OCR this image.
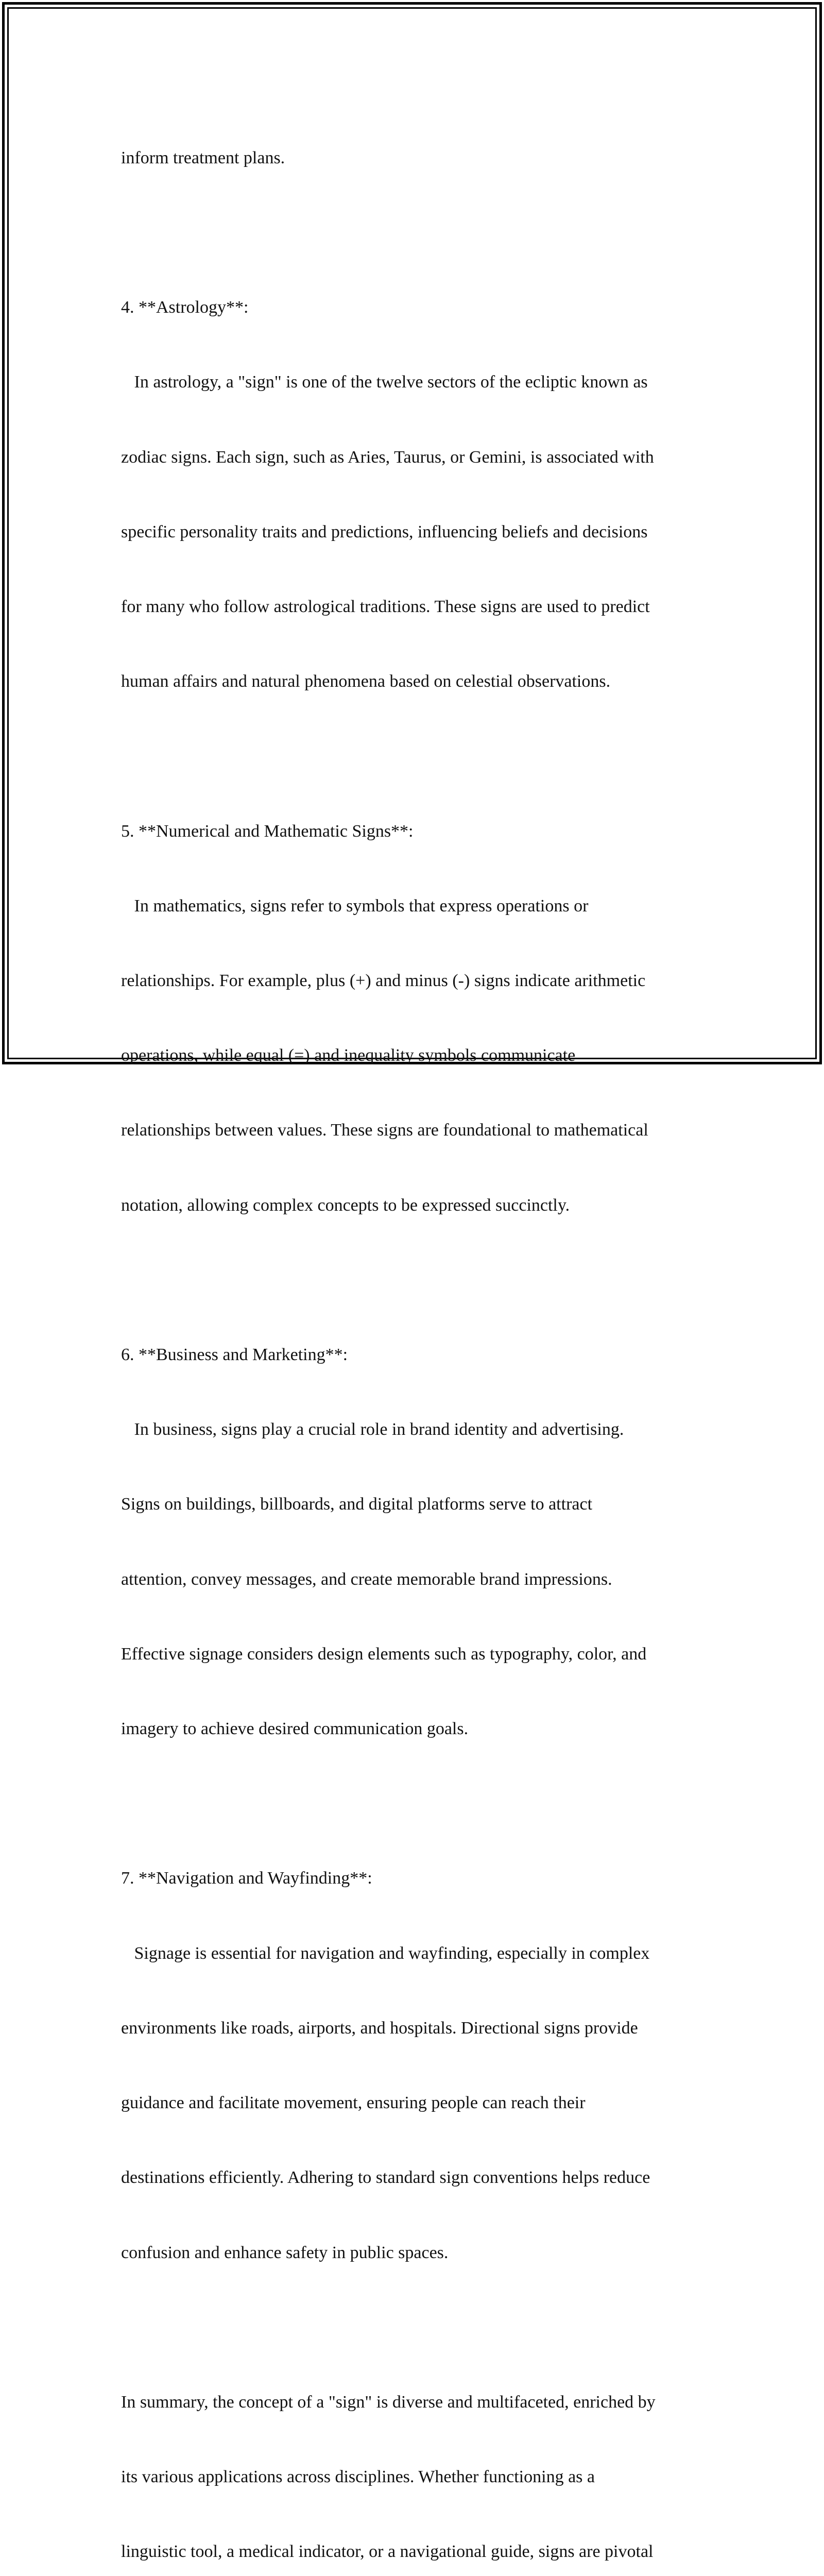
inform treatment plans.

4. **Astrology**:

In astrology, a "sign" is one of the twelve sectors of the ecliptic known as

zodiac signs. Each sign, such as Aries, Taurus, or Gemini, is associated with

specific personality traits and predictions, influencing beliefs and decisions

for many who follow astrological traditions. These signs are used to predict

human affairs and natural phenomena based on celestial observations.

5. **Numerical and Mathematic Signs**:

In mathematics, signs refer to symbols that express operations or

relationships. For example, plus (+) and minus (-) signs indicate arithmetic

operations, while equal (=) and inequality symbols communicate

relationships between values. These signs are foundational to mathematical

notation, allowing complex concepts to be expressed succinctly.

6. **Business and Marketing**:

In business, signs play a crucial role in brand identity and advertising.

Signs on buildings, billboards, and digital platforms serve to attract

attention, convey messages, and create memorable brand impressions.

Effective signage considers design elements such as typography, color, and

imagery to achieve desired communication goals.

7. **Navigation and Wayfinding**:

Signage is essential for navigation and wayfinding, especially in complex

environments like roads, airports, and hospitals. Directional signs provide

guidance and facilitate movement, ensuring people can reach their

destinations efficiently. Adhering to standard sign conventions helps reduce

confusion and enhance safety in public spaces.

In summary, the concept of a "sign" is diverse and multifaceted, enriched by

its various applications across disciplines. Whether functioning as a

linguistic tool, a medical indicator, or a navigational guide, signs are pivotal
